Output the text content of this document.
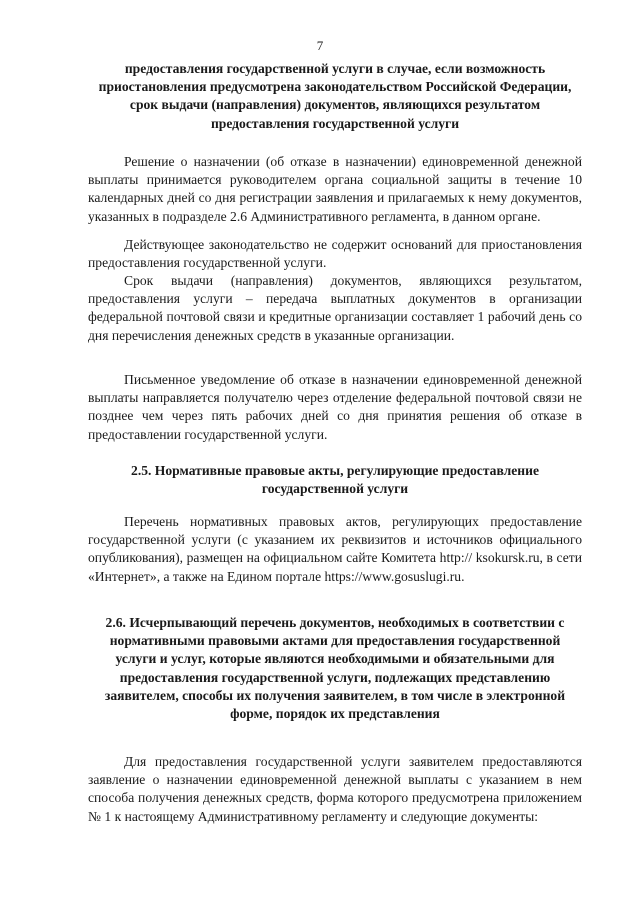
7
предоставления государственной услуги в случае, если возможность приостановления предусмотрена законодательством Российской Федерации, срок выдачи (направления) документов, являющихся результатом предоставления государственной услуги

Решение о назначении (об отказе в назначении) единовременной денежной выплаты принимается руководителем органа социальной защиты в течение 10 календарных дней со дня регистрации заявления и прилагаемых к нему документов, указанных в подразделе 2.6 Административного регламента, в данном органе.

Действующее законодательство не содержит оснований для приостановления предоставления государственной услуги.

Срок выдачи (направления) документов, являющихся результатом, предоставления услуги – передача выплатных документов в организации федеральной почтовой связи и кредитные организации составляет 1 рабочий день со дня перечисления денежных средств в указанные организации.

Письменное уведомление об отказе в назначении единовременной денежной выплаты направляется получателю через отделение федеральной почтовой связи не позднее чем через пять рабочих дней со дня принятия решения об отказе в предоставлении государственной услуги.

2.5. Нормативные правовые акты, регулирующие предоставление государственной услуги

Перечень нормативных правовых актов, регулирующих предоставление государственной услуги (с указанием их реквизитов и источников официального опубликования), размещен на официальном сайте Комитета http:// ksokursk.ru, в сети «Интернет», а также на Едином портале https://www.gosuslugi.ru.

2.6. Исчерпывающий перечень документов, необходимых в соответствии с нормативными правовыми актами для предоставления государственной услуги и услуг, которые являются необходимыми и обязательными для предоставления государственной услуги, подлежащих представлению заявителем, способы их получения заявителем, в том числе в электронной форме, порядок их представления

Для предоставления государственной услуги заявителем предоставляются заявление о назначении единовременной денежной выплаты с указанием в нем способа получения денежных средств, форма которого предусмотрена приложением № 1 к настоящему Административному регламенту и следующие документы:
